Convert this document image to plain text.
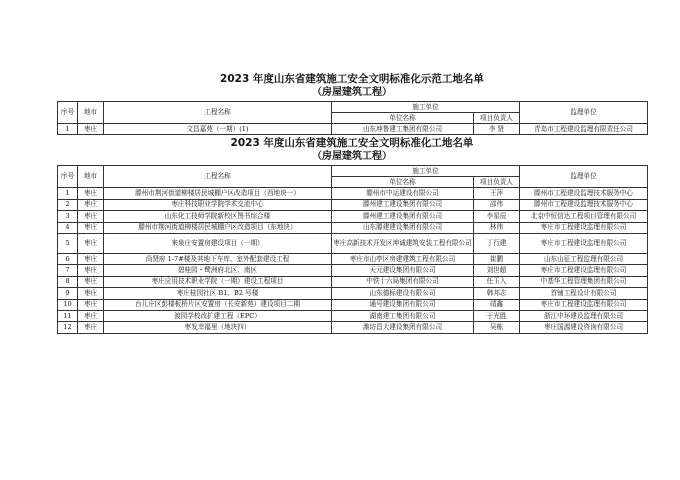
2023 年度山东省建筑施工安全文明标准化示范工地名单

（房屋建筑工程）

序号	地市	工程名称	施工单位		监理单位
			单位名称	项目负责人	
1	枣庄	文昌嘉苑（一期）(1)	山东坤鲁建工集团有限公司	李 贤	青岛市工程建设监理有限责任公司

2023 年度山东省建筑施工安全文明标准化工地名单

（房屋建筑工程）

序号	地市	工程名称	施工单位		监理单位
			单位名称	项目负责人	
1	枣庄	滕州市荆河街道柳楼居民城棚户区改造项目（西地块一）	滕州市中运建设有限公司	王萍	滕州市工程建设监理技术服务中心
2	枣庄	枣庄科技职业学院学术交流中心	滕州建工建设集团有限公司	邵伟	滕州市工程建设监理技术服务中心
3	枣庄	山东化工技师学院新校区图书综合楼	滕州建工建设集团有限公司	李星辰	北京中恒信达工程项目管理有限公司
4	枣庄	滕州市荆河街道柳楼居民城棚户区改造项目（东地块）	山东滕建建设集团有限公司	林伟	枣庄市工程建设监理有限公司
5	枣庄	来泉庄安置房建设项目（一期）	枣庄高新技术开发区坤诚建筑安装工程有限公司	丁行建	枣庄市工程建设监理有限公司
6	枣庄	尚贤府 1-7#楼及其地下车库、室外配套建设工程	枣庄市山亭区房建建筑工程有限公司	崔鹏	山东山征工程监理有限公司
7	枣庄	碧桂园・鹭洲府北区、南区	天元建设集团有限公司	刘世超	枣庄市工程建设监理有限公司
8	枣庄	枣庄应用技术职业学院（一期）建设工程项目	中铁十六局集团有限公司	任玉入	中基华工程管理集团有限公司
9	枣庄	枣庄桂园社区 B1、B2 号楼	山东德标建设有限公司	韩邦志	首铺工程设计有限公司
10	枣庄	台儿庄区彭楼板桥片区安置房（长安新苑）建设项目二期	通号建设集团有限公司	靖鑫	枣庄市工程建设监理有限公司
11	枣庄	渡园学校改扩建工程（EPC）	湖南建工集团有限公司	于光胜	浙江中环建设监理有限公司
12	枣庄	枣发幸福里（地块四）	潍坊昌大建设集团有限公司	吴栋	枣庄国源建设咨询有限公司
